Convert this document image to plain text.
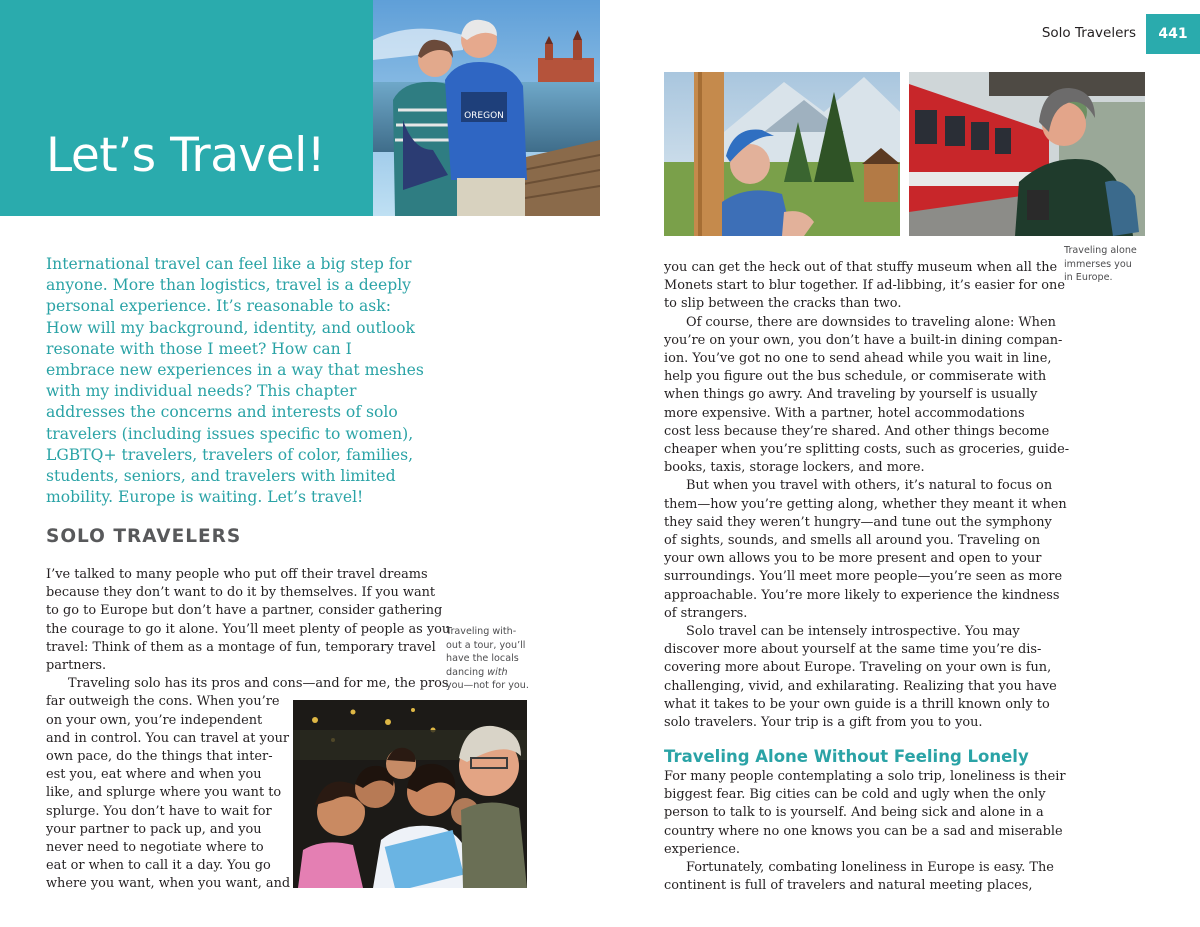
Let’s Travel!
OREGON

International travel can feel like a big step for anyone. More than logistics, travel is a deeply personal experience. It’s reasonable to ask: How will my background, identity, and outlook resonate with those I meet? How can I embrace new experiences in a way that meshes with my individual needs? This chapter addresses the concerns and interests of solo travelers (including issues specific to women), LGBTQ+ travelers, travelers of color, families, students, seniors, and travelers with limited mobility. Europe is waiting. Let’s travel!

SOLO TRAVELERS
I’ve talked to many people who put off their travel dreams
because they don’t want to do it by themselves. If you want
to go to Europe but don’t have a partner, consider gathering
the courage to go it alone. You’ll meet plenty of people as you
travel: Think of them as a montage of fun, temporary travel
partners.
Traveling solo has its pros and cons—and for me, the pros
far outweigh the cons. When you’re
on your own, you’re independent
and in control. You can travel at your
own pace, do the things that inter-
est you, eat where and when you
like, and splurge where you want to
splurge. You don’t have to wait for
your partner to pack up, and you
never need to negotiate where to
eat or when to call it a day. You go
where you want, when you want, and
Traveling with-
out a tour, you’ll
have the locals
dancing with
you—not for you.
Solo Travelers	441
Traveling alone
immerses you
in Europe.
you can get the heck out of that stuffy museum when all the
Monets start to blur together. If ad-libbing, it’s easier for one
to slip between the cracks than two.
Of course, there are downsides to traveling alone: When
you’re on your own, you don’t have a built-in dining compan-
ion. You’ve got no one to send ahead while you wait in line,
help you figure out the bus schedule, or commiserate with
when things go awry. And traveling by yourself is usually
more expensive. With a partner, hotel accommodations
cost less because they’re shared. And other things become
cheaper when you’re splitting costs, such as groceries, guide-
books, taxis, storage lockers, and more.
But when you travel with others, it’s natural to focus on
them—how you’re getting along, whether they meant it when
they said they weren’t hungry—and tune out the symphony
of sights, sounds, and smells all around you. Traveling on
your own allows you to be more present and open to your
surroundings. You’ll meet more people—you’re seen as more
approachable. You’re more likely to experience the kindness
of strangers.
Solo travel can be intensely introspective. You may
discover more about yourself at the same time you’re dis-
covering more about Europe. Traveling on your own is fun,
challenging, vivid, and exhilarating. Realizing that you have
what it takes to be your own guide is a thrill known only to
solo travelers. Your trip is a gift from you to you.
Traveling Alone Without Feeling Lonely
For many people contemplating a solo trip, loneliness is their
biggest fear. Big cities can be cold and ugly when the only
person to talk to is yourself. And being sick and alone in a
country where no one knows you can be a sad and miserable
experience.
Fortunately, combating loneliness in Europe is easy. The
continent is full of travelers and natural meeting places,
